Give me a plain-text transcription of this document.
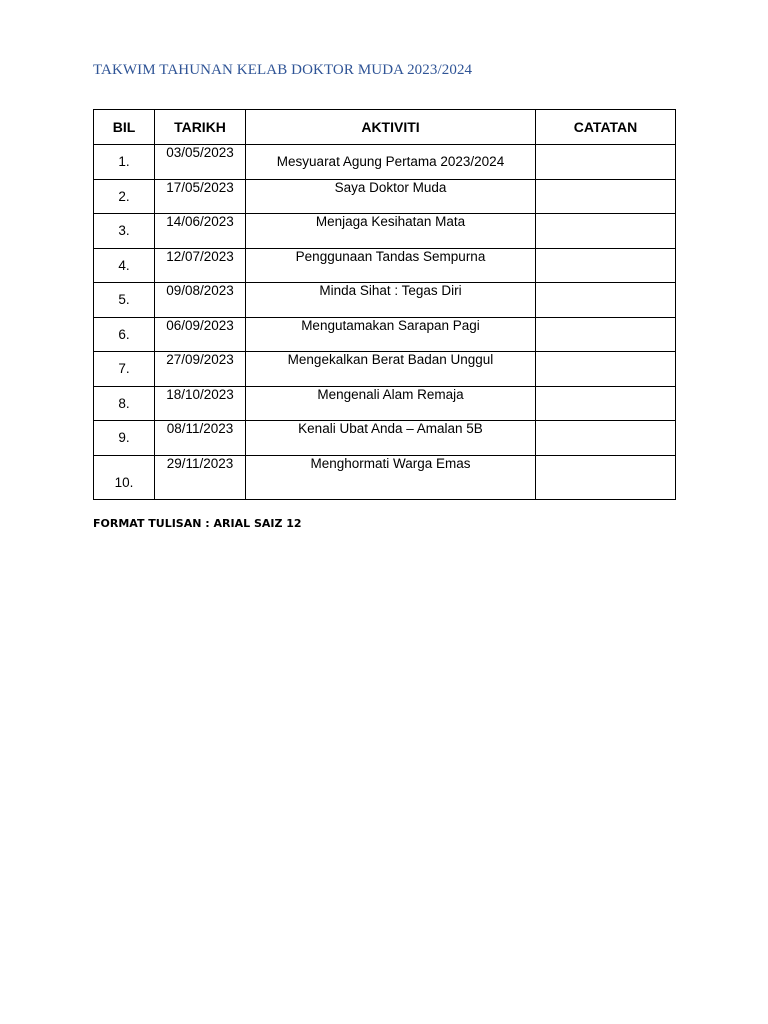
TAKWIM TAHUNAN KELAB DOKTOR MUDA 2023/2024
BIL	TARIKH	AKTIVITI	CATATAN
1.	03/05/2023	Mesyuarat Agung Pertama 2023/2024	
2.	17/05/2023	Saya Doktor Muda	
3.	14/06/2023	Menjaga Kesihatan Mata	
4.	12/07/2023	Penggunaan Tandas Sempurna	
5.	09/08/2023	Minda Sihat : Tegas Diri	
6.	06/09/2023	Mengutamakan Sarapan Pagi	
7.	27/09/2023	Mengekalkan Berat Badan Unggul	
8.	18/10/2023	Mengenali Alam Remaja	
9.	08/11/2023	Kenali Ubat Anda – Amalan 5B	
10.	29/11/2023	Menghormati Warga Emas	
FORMAT TULISAN : ARIAL SAIZ 12
